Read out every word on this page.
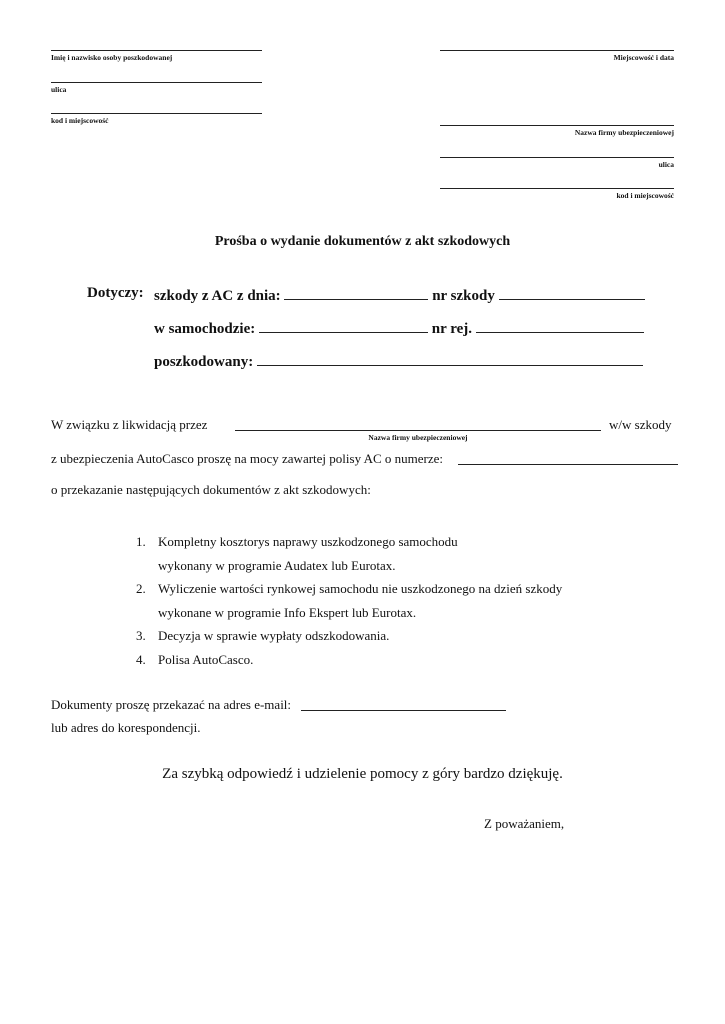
Imię i nazwisko osoby poszkodowanej
ulica
kod i miejscowość
Miejscowość i data
Nazwa firmy ubezpieczeniowej
ulica
kod i miejscowość
Prośba o wydanie dokumentów z akt szkodowych
Dotyczy: szkody z AC z dnia:	nr szkody
w samochodzie:	nr rej.
poszkodowany:
W związku z likwidacją przez	w/w szkody
Nazwa firmy ubezpieczeniowej
z ubezpieczenia AutoCasco proszę na mocy zawartej polisy AC o numerze:
o przekazanie następujących dokumentów z akt szkodowych:
1. Kompletny kosztorys naprawy uszkodzonego samochodu
wykonany w programie Audatex lub Eurotax.
2. Wyliczenie wartości rynkowej samochodu nie uszkodzonego na dzień szkody
wykonane w programie Info Ekspert lub Eurotax.
3. Decyzja w sprawie wypłaty odszkodowania.
4. Polisa AutoCasco.
Dokumenty proszę przekazać na adres e-mail:
lub adres do korespondencji.
Za szybką odpowiedź i udzielenie pomocy z góry bardzo dziękuję.
Z poważaniem,
